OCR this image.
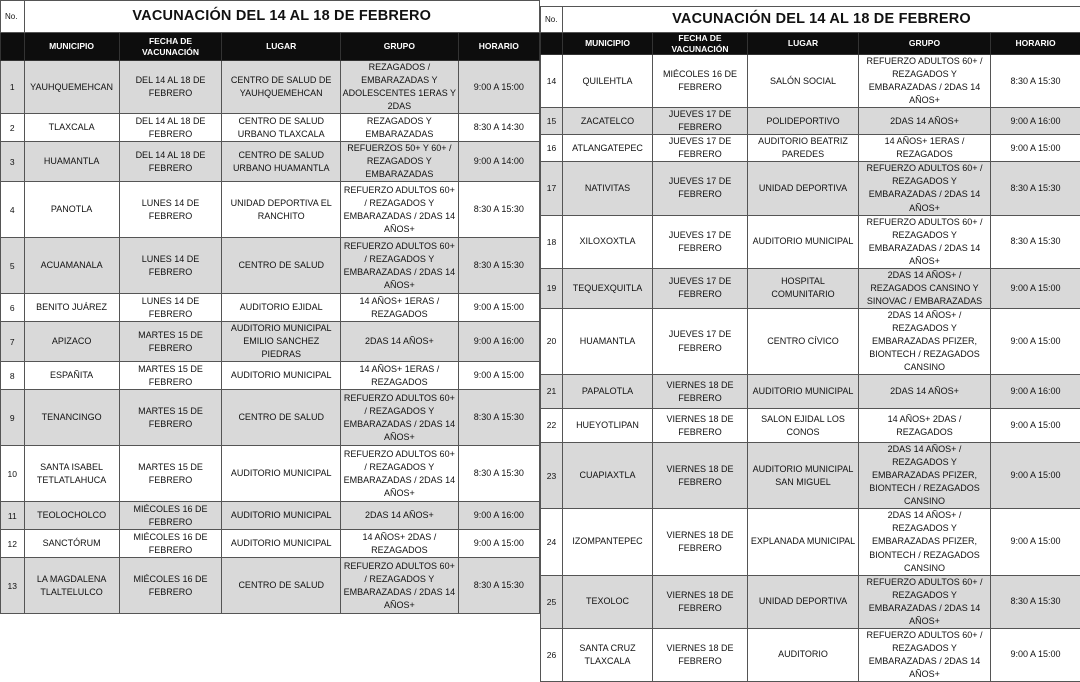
No.	VACUNACIÓN DEL 14 AL 18 DE FEBRERO				
	MUNICIPIO	FECHA DE VACUNACIÓN	LUGAR	GRUPO	HORARIO
1	YAUHQUEMEHCAN	DEL 14 AL 18 DE FEBRERO	CENTRO DE SALUD DE YAUHQUEMEHCAN	REZAGADOS / EMBARAZADAS Y ADOLESCENTES 1ERAS Y 2DAS	9:00 A 15:00
2	TLAXCALA	DEL 14 AL 18 DE FEBRERO	CENTRO DE SALUD URBANO TLAXCALA	REZAGADOS Y EMBARAZADAS	8:30 A 14:30
3	HUAMANTLA	DEL 14 AL 18 DE FEBRERO	CENTRO DE SALUD URBANO HUAMANTLA	REFUERZOS 50+ Y 60+ / REZAGADOS Y EMBARAZADAS	9:00 A 14:00
4	PANOTLA	LUNES 14 DE FEBRERO	UNIDAD DEPORTIVA EL RANCHITO	REFUERZO ADULTOS 60+ / REZAGADOS Y EMBARAZADAS / 2DAS 14 AÑOS+	8:30 A 15:30
5	ACUAMANALA	LUNES 14 DE FEBRERO	CENTRO DE SALUD	REFUERZO ADULTOS 60+ / REZAGADOS Y EMBARAZADAS / 2DAS 14 AÑOS+	8:30 A 15:30
6	BENITO JUÁREZ	LUNES 14 DE FEBRERO	AUDITORIO EJIDAL	14 AÑOS+ 1ERAS / REZAGADOS	9:00 A 15:00
7	APIZACO	MARTES 15 DE FEBRERO	AUDITORIO MUNICIPAL EMILIO SANCHEZ PIEDRAS	2DAS 14 AÑOS+	9:00 A 16:00
8	ESPAÑITA	MARTES 15 DE FEBRERO	AUDITORIO MUNICIPAL	14 AÑOS+ 1ERAS / REZAGADOS	9:00 A 15:00
9	TENANCINGO	MARTES 15 DE FEBRERO	CENTRO DE SALUD	REFUERZO ADULTOS 60+ / REZAGADOS Y EMBARAZADAS / 2DAS 14 AÑOS+	8:30 A 15:30
10	SANTA ISABEL TETLATLAHUCA	MARTES 15 DE FEBRERO	AUDITORIO MUNICIPAL	REFUERZO ADULTOS 60+ / REZAGADOS Y EMBARAZADAS / 2DAS 14 AÑOS+	8:30 A 15:30
11	TEOLOCHOLCO	MIÉCOLES 16 DE FEBRERO	AUDITORIO MUNICIPAL	2DAS 14 AÑOS+	9:00 A 16:00
12	SANCTÓRUM	MIÉCOLES 16 DE FEBRERO	AUDITORIO MUNICIPAL	14 AÑOS+ 2DAS / REZAGADOS	9:00 A 15:00
13	LA MAGDALENA TLALTELULCO	MIÉCOLES 16 DE FEBRERO	CENTRO DE SALUD	REFUERZO ADULTOS 60+ / REZAGADOS Y EMBARAZADAS / 2DAS 14 AÑOS+	8:30 A 15:30
No.	VACUNACIÓN DEL 14 AL 18 DE FEBRERO				
	MUNICIPIO	FECHA DE VACUNACIÓN	LUGAR	GRUPO	HORARIO
14	QUILEHTLA	MIÉCOLES 16 DE FEBRERO	SALÓN SOCIAL	REFUERZO ADULTOS 60+ / REZAGADOS Y EMBARAZADAS / 2DAS 14 AÑOS+	8:30 A 15:30
15	ZACATELCO	JUEVES 17 DE FEBRERO	POLIDEPORTIVO	2DAS 14 AÑOS+	9:00 A 16:00
16	ATLANGATEPEC	JUEVES 17 DE FEBRERO	AUDITORIO BEATRIZ PAREDES	14 AÑOS+ 1ERAS / REZAGADOS	9:00 A 15:00
17	NATIVITAS	JUEVES 17 DE FEBRERO	UNIDAD DEPORTIVA	REFUERZO ADULTOS 60+ / REZAGADOS Y EMBARAZADAS / 2DAS 14 AÑOS+	8:30 A 15:30
18	XILOXOXTLA	JUEVES 17 DE FEBRERO	AUDITORIO MUNICIPAL	REFUERZO ADULTOS 60+ / REZAGADOS Y EMBARAZADAS / 2DAS 14 AÑOS+	8:30 A 15:30
19	TEQUEXQUITLA	JUEVES 17 DE FEBRERO	HOSPITAL COMUNITARIO	2DAS 14 AÑOS+ / REZAGADOS CANSINO Y SINOVAC / EMBARAZADAS	9:00 A 15:00
20	HUAMANTLA	JUEVES 17 DE FEBRERO	CENTRO CÍVICO	2DAS 14 AÑOS+ / REZAGADOS Y EMBARAZADAS PFIZER, BIONTECH / REZAGADOS CANSINO	9:00 A 15:00
21	PAPALOTLA	VIERNES 18 DE FEBRERO	AUDITORIO MUNICIPAL	2DAS 14 AÑOS+	9:00 A 16:00
22	HUEYOTLIPAN	VIERNES 18 DE FEBRERO	SALON EJIDAL LOS CONOS	14 AÑOS+ 2DAS / REZAGADOS	9:00 A 15:00
23	CUAPIAXTLA	VIERNES 18 DE FEBRERO	AUDITORIO MUNICIPAL SAN MIGUEL	2DAS 14 AÑOS+ / REZAGADOS Y EMBARAZADAS PFIZER, BIONTECH / REZAGADOS CANSINO	9:00 A 15:00
24	IZOMPANTEPEC	VIERNES 18 DE FEBRERO	EXPLANADA MUNICIPAL	2DAS 14 AÑOS+ / REZAGADOS Y EMBARAZADAS PFIZER, BIONTECH / REZAGADOS CANSINO	9:00 A 15:00
25	TEXOLOC	VIERNES 18 DE FEBRERO	UNIDAD DEPORTIVA	REFUERZO ADULTOS 60+ / REZAGADOS Y EMBARAZADAS / 2DAS 14 AÑOS+	8:30 A 15:30
26	SANTA CRUZ TLAXCALA	VIERNES 18 DE FEBRERO	AUDITORIO	REFUERZO ADULTOS 60+ / REZAGADOS Y EMBARAZADAS / 2DAS 14 AÑOS+	9:00 A 15:00
